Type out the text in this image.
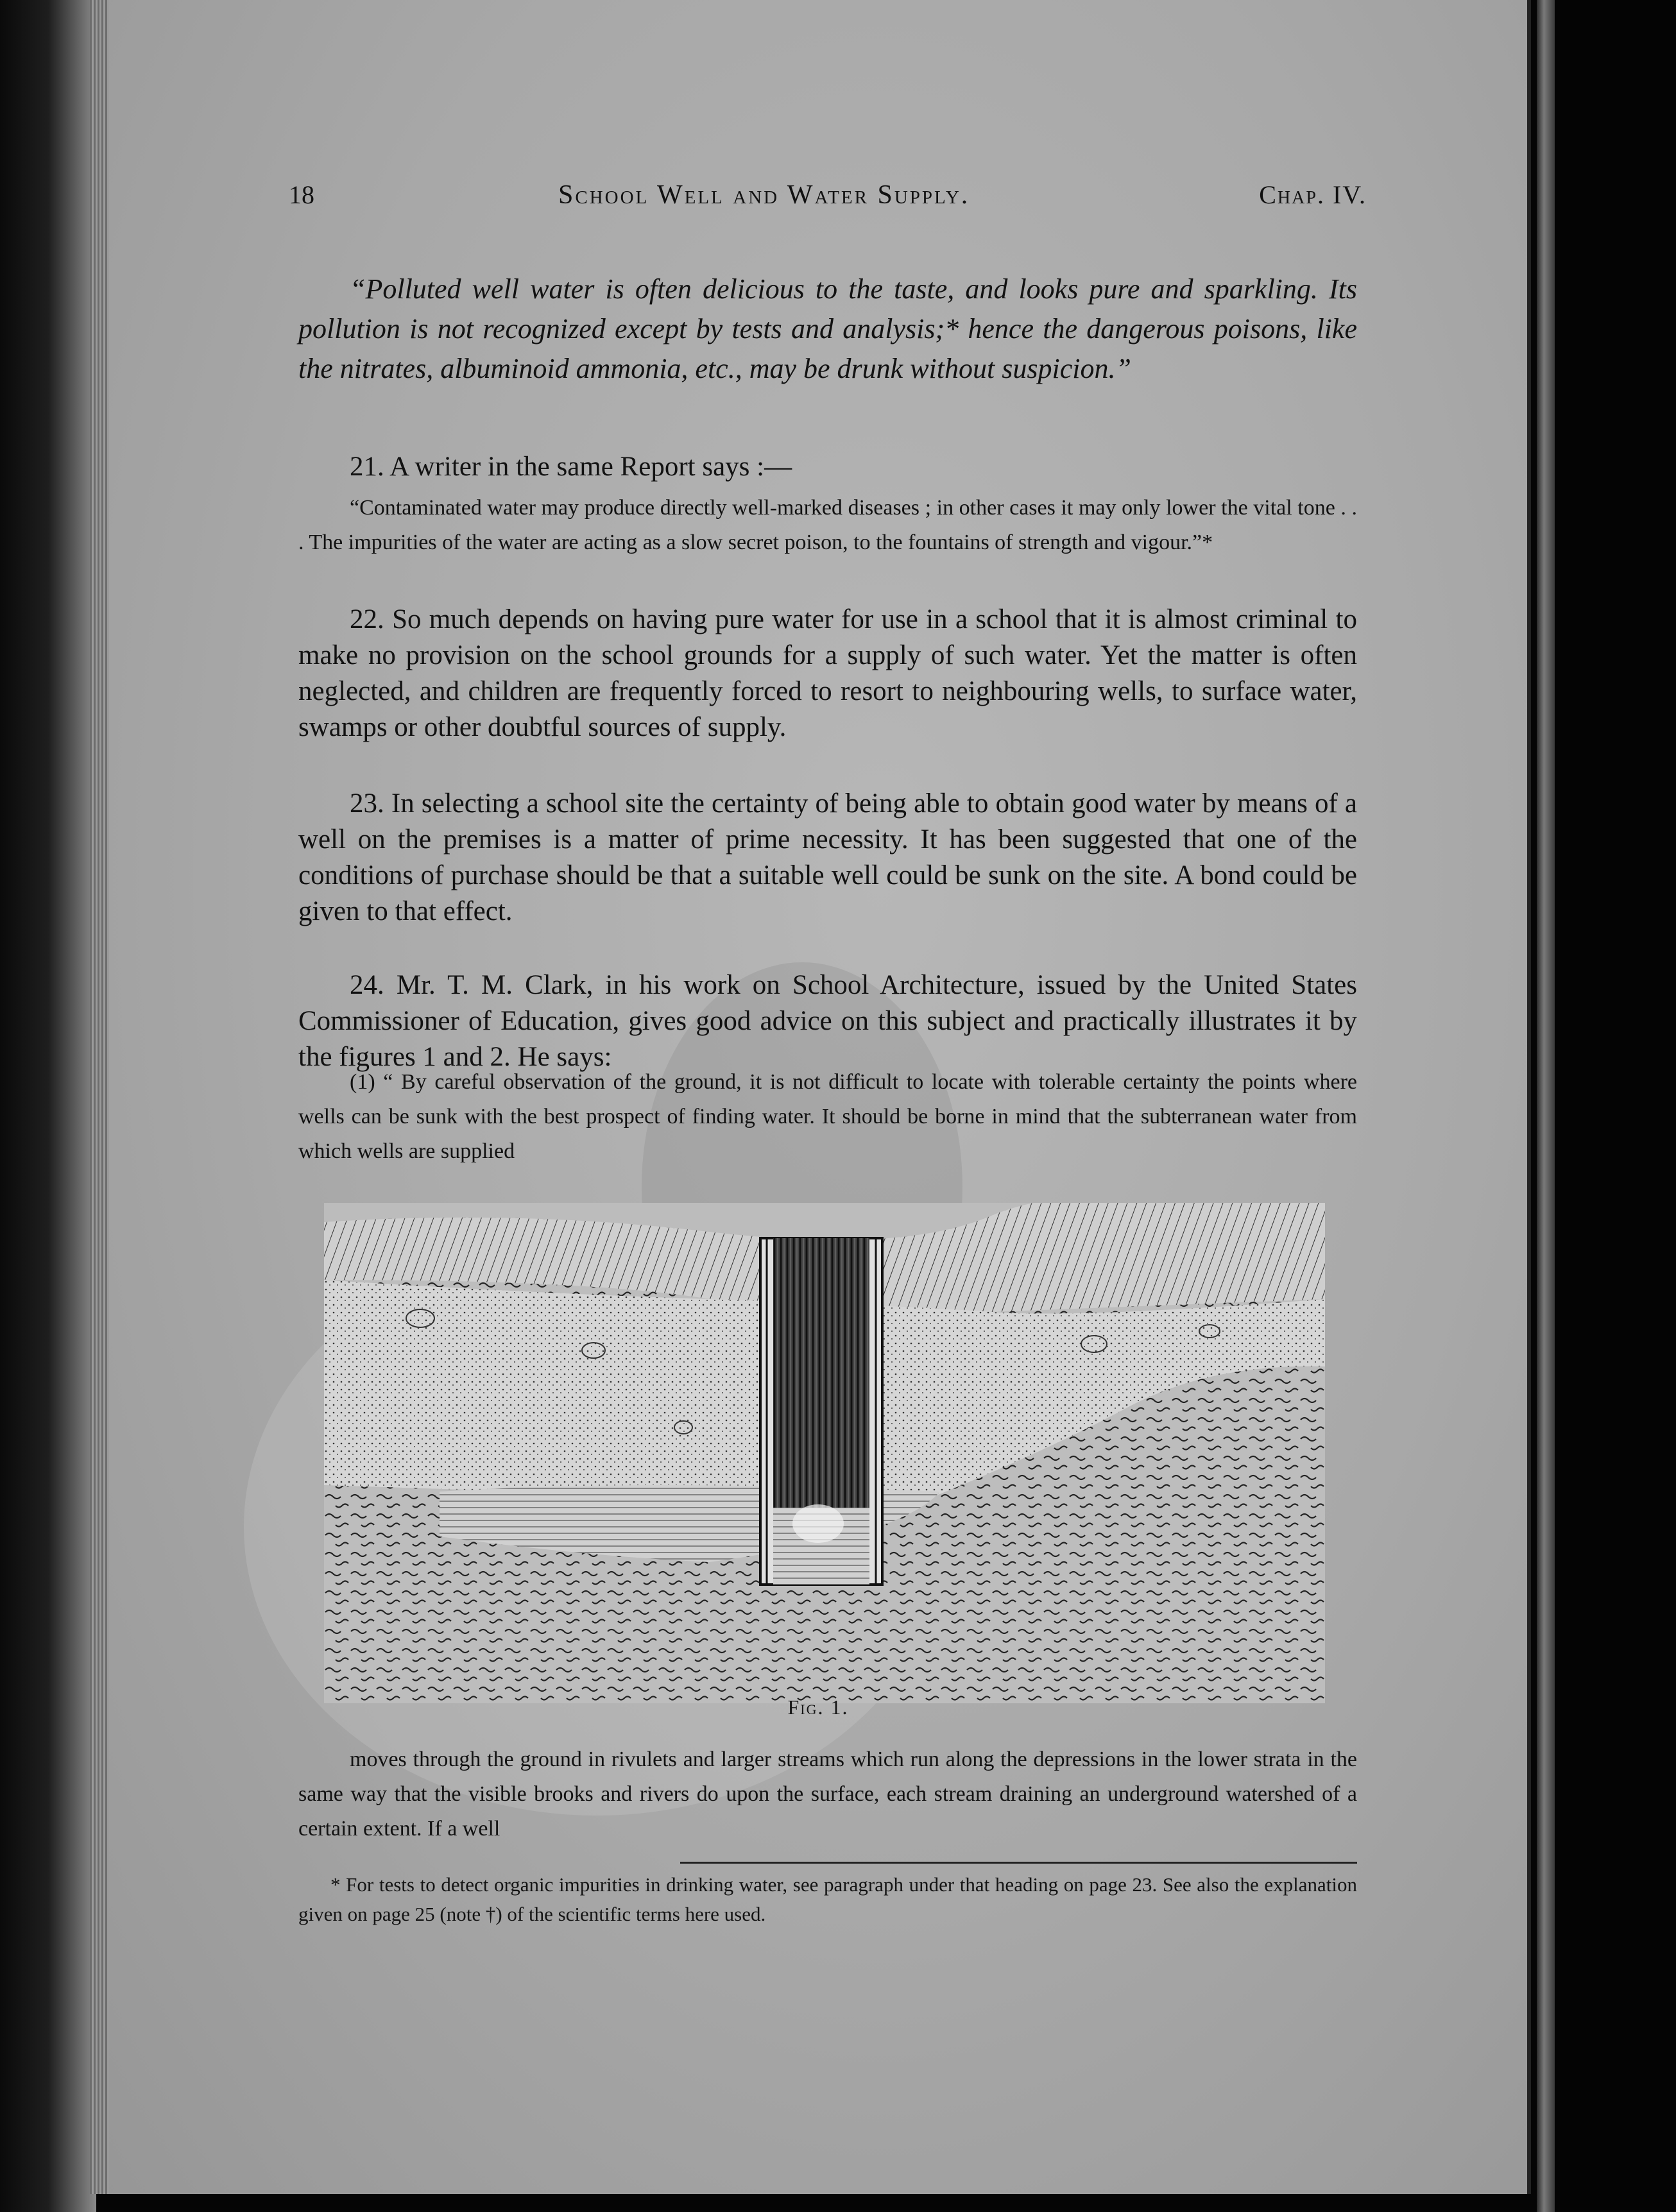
18	School Well and Water Supply.	Chap. IV.

“Polluted well water is often delicious to the taste, and looks pure and sparkling. Its pollution is not recognized except by tests and analysis;* hence the dangerous poisons, like the nitrates, albuminoid ammonia, etc., may be drunk without suspicion.”

21. A writer in the same Report says :—

“Contaminated water may produce directly well-marked diseases ; in other cases it may only lower the vital tone . . . The impurities of the water are acting as a slow secret poison, to the fountains of strength and vigour.”*

22. So much depends on having pure water for use in a school that it is almost criminal to make no provision on the school grounds for a supply of such water. Yet the matter is often neglected, and children are frequently forced to resort to neighbouring wells, to surface water, swamps or other doubtful sources of supply.

23. In selecting a school site the certainty of being able to obtain good water by means of a well on the premises is a matter of prime necessity. It has been suggested that one of the conditions of purchase should be that a suitable well could be sunk on the site. A bond could be given to that effect.

24. Mr. T. M. Clark, in his work on School Architecture, issued by the United States Commissioner of Education, gives good advice on this subject and practically illustrates it by the figures 1 and 2. He says:

(1) “ By careful observation of the ground, it is not difficult to locate with tolerable certainty the points where wells can be sunk with the best prospect of finding water. It should be borne in mind that the subterranean water from which wells are supplied

Fig. 1.

moves through the ground in rivulets and larger streams which run along the depressions in the lower strata in the same way that the visible brooks and rivers do upon the surface, each stream draining an underground watershed of a certain extent. If a well

* For tests to detect organic impurities in drinking water, see paragraph under that heading on page 23. See also the explanation given on page 25 (note †) of the scientific terms here used.
